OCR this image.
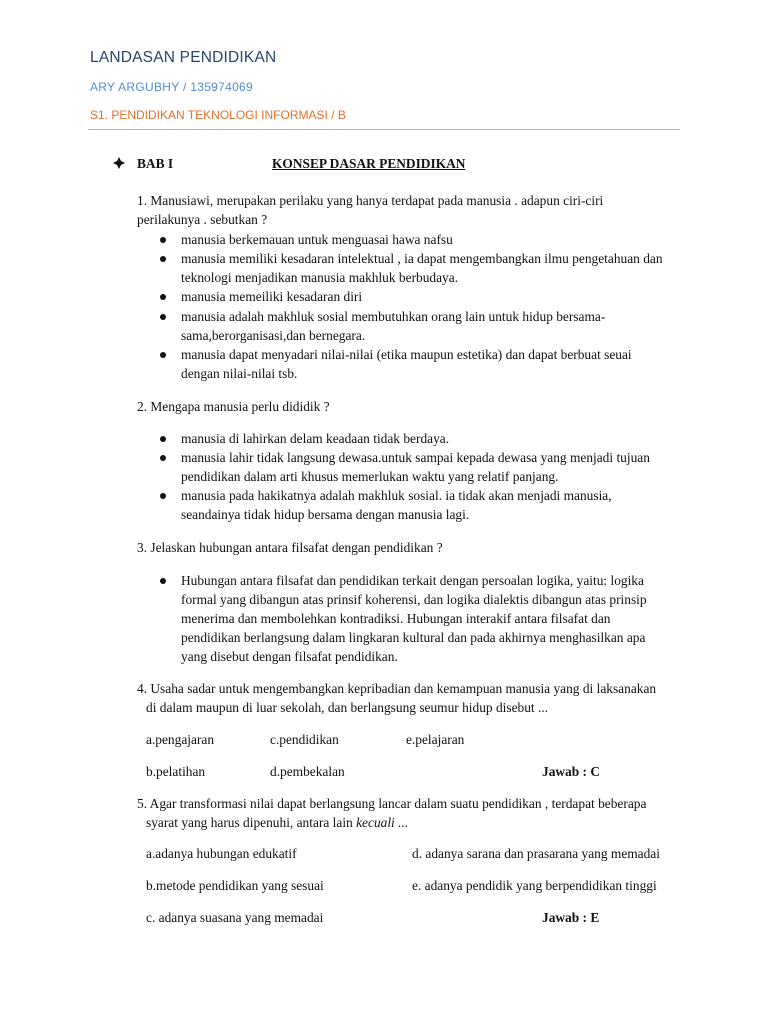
LANDASAN PENDIDIKAN
ARY ARGUBHY / 135974069
S1. PENDIDIKAN TEKNOLOGI INFORMASI / B
BAB I	KONSEP DASAR PENDIDIKAN
1. Manusiawi, merupakan perilaku yang hanya terdapat pada manusia . adapun ciri-ciri
perilakunya . sebutkan ?
manusia berkemauan untuk menguasai hawa nafsu
manusia memiliki kesadaran intelektual , ia dapat mengembangkan ilmu pengetahuan dan
teknologi menjadikan manusia makhluk berbudaya.
manusia memeiliki kesadaran diri
manusia adalah makhluk sosial membutuhkan orang lain untuk hidup bersama-
sama,berorganisasi,dan bernegara.
manusia dapat menyadari nilai-nilai (etika maupun estetika) dan dapat berbuat seuai
dengan nilai-nilai tsb.
2. Mengapa manusia perlu dididik ?
manusia di lahirkan delam keadaan tidak berdaya.
manusia lahir tidak langsung dewasa.untuk sampai kepada dewasa yang menjadi tujuan
pendidikan dalam arti khusus memerlukan waktu yang relatif panjang.
manusia pada hakikatnya adalah makhluk sosial. ia tidak akan menjadi manusia,
seandainya tidak hidup bersama dengan manusia lagi.
3. Jelaskan hubungan antara filsafat dengan pendidikan ?
Hubungan antara filsafat dan pendidikan terkait dengan persoalan logika, yaitu: logika
formal yang dibangun atas prinsif koherensi, dan logika dialektis dibangun atas prinsip
menerima dan membolehkan kontradiksi. Hubungan interakif antara filsafat dan
pendidikan berlangsung dalam lingkaran kultural dan pada akhirnya menghasilkan apa
yang disebut dengan filsafat pendidikan.
4. Usaha sadar untuk mengembangkan kepribadian dan kemampuan manusia yang di laksanakan
di dalam maupun di luar sekolah, dan berlangsung seumur hidup disebut ...
a.pengajaran	c.pendidikan	e.pelajaran
b.pelatihan	d.pembekalan	Jawab : C
5. Agar transformasi nilai dapat berlangsung lancar dalam suatu pendidikan , terdapat beberapa
syarat yang harus dipenuhi, antara lain kecuali ...
a.adanya hubungan edukatif	d. adanya sarana dan prasarana yang memadai
b.metode pendidikan yang sesuai	e. adanya pendidik yang berpendidikan tinggi
c. adanya suasana yang memadai	Jawab : E
